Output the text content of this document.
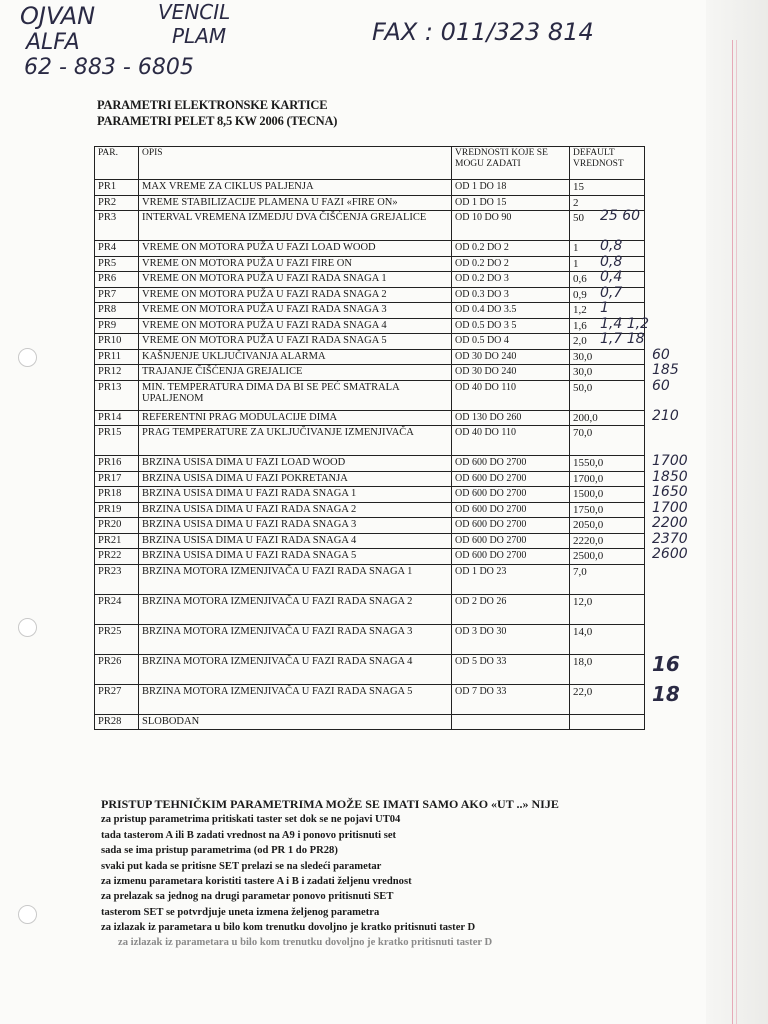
OJVAN	VENCIL
ALFA	PLAM
62 - 883 - 6805
FAX : 011/323 814
PARAMETRI ELEKTRONSKE KARTICE
PARAMETRI PELET 8,5 KW 2006 (TECNA)
PAR.	OPIS	VREDNOSTI KOJE SE MOGU ZADATI	DEFAULT VREDNOST
PR1	MAX VREME ZA CIKLUS PALJENJA	OD 1 DO 18	15
PR2	VREME STABILIZACIJE PLAMENA U FAZI «FIRE ON»	OD 1 DO 15	2
PR3	INTERVAL VREMENA IZMEDJU DVA ČIŠĆENJA GREJALICE	OD 10 DO 90	50
PR4	VREME ON MOTORA PUŽA U FAZI LOAD WOOD	OD 0.2 DO 2	1
PR5	VREME ON MOTORA PUŽA U FAZI FIRE ON	OD 0.2 DO 2	1
PR6	VREME ON MOTORA PUŽA U FAZI RADA SNAGA 1	OD 0.2 DO 3	0,6
PR7	VREME ON MOTORA PUŽA U FAZI RADA SNAGA 2	OD 0.3 DO 3	0,9
PR8	VREME ON MOTORA PUŽA U FAZI RADA SNAGA 3	OD 0.4 DO 3.5	1,2
PR9	VREME ON MOTORA PUŽA U FAZI RADA SNAGA 4	OD 0.5 DO 3 5	1,6
PR10	VREME ON MOTORA PUŽA U FAZI RADA SNAGA 5	OD 0.5 DO 4	2,0
PR11	KAŠNJENJE UKLJUČIVANJA ALARMA	OD 30 DO 240	30,0
PR12	TRAJANJE ČIŠĆENJA GREJALICE	OD 30 DO 240	30,0
PR13	MIN. TEMPERATURA DIMA DA BI SE PEĆ SMATRALA UPALJENOM	OD 40 DO 110	50,0
PR14	REFERENTNI PRAG MODULACIJE DIMA	OD 130 DO 260	200,0
PR15	PRAG TEMPERATURE ZA UKLJUČIVANJE IZMENJIVAČA	OD 40 DO 110	70,0
PR16	BRZINA USISA DIMA U FAZI LOAD WOOD	OD 600 DO 2700	1550,0
PR17	BRZINA USISA DIMA U FAZI POKRETANJA	OD 600 DO 2700	1700,0
PR18	BRZINA USISA DIMA U FAZI RADA SNAGA 1	OD 600 DO 2700	1500,0
PR19	BRZINA USISA DIMA U FAZI RADA SNAGA 2	OD 600 DO 2700	1750,0
PR20	BRZINA USISA DIMA U FAZI RADA SNAGA 3	OD 600 DO 2700	2050,0
PR21	BRZINA USISA DIMA U FAZI RADA SNAGA 4	OD 600 DO 2700	2220,0
PR22	BRZINA USISA DIMA U FAZI RADA SNAGA 5	OD 600 DO 2700	2500,0
PR23	BRZINA MOTORA IZMENJIVAČA U FAZI RADA SNAGA 1	OD 1 DO 23	7,0
PR24	BRZINA MOTORA IZMENJIVAČA U FAZI RADA SNAGA 2	OD 2 DO 26	12,0
PR25	BRZINA MOTORA IZMENJIVAČA U FAZI RADA SNAGA 3	OD 3 DO 30	14,0
PR26	BRZINA MOTORA IZMENJIVAČA U FAZI RADA SNAGA 4	OD 5 DO 33	18,0
PR27	BRZINA MOTORA IZMENJIVAČA U FAZI RADA SNAGA 5	OD 7 DO 33	22,0
PR28	SLOBODAN		
25 60
0,8
0,8
0,4
0,7
1
1,4 1,2
1,7 18
60
185
60
210
1700
1850
1650
1700
2200
2370
2600
16
18
PRISTUP TEHNIČKIM PARAMETRIMA MOŽE SE IMATI SAMO AKO «UT ..» NIJE
za pristup parametrima pritiskati taster set dok se ne pojavi UT04
tada tasterom A ili B zadati vrednost na A9 i ponovo pritisnuti set
sada se ima pristup parametrima (od PR 1 do PR28)
svaki put kada se pritisne SET prelazi se na sledeći parametar
za izmenu parametara koristiti tastere A i B i zadati željenu vrednost
za prelazak sa jednog na drugi parametar ponovo pritisnuti SET
tasterom SET se potvrdjuje uneta izmena željenog parametra
za izlazak iz parametara u bilo kom trenutku dovoljno je kratko pritisnuti taster D
za izlazak iz parametara u bilo kom trenutku dovoljno je kratko pritisnuti taster D
